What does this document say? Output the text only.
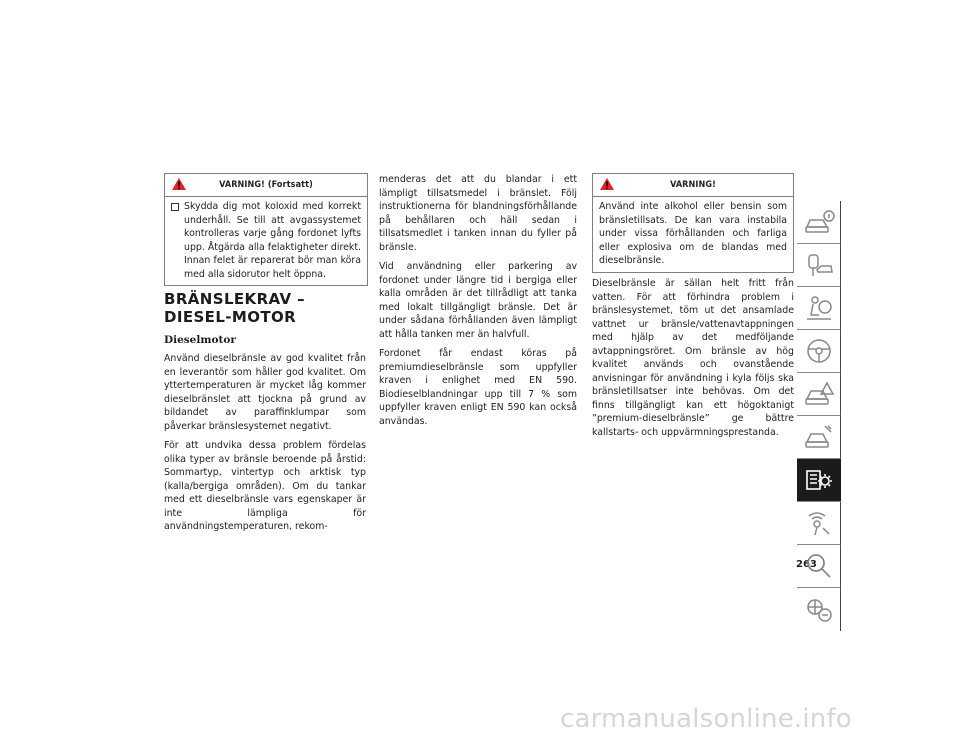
VARNING! (Fortsatt)

Skydda dig mot koloxid med korrekt underhåll. Se till att avgassystemet kontrolleras varje gång fordonet lyfts upp. Åtgärda alla felaktigheter direkt. Innan felet är reparerat bör man köra med alla sidorutor helt öppna.

BRÄNSLEKRAV – DIESEL-MOTOR
Dieselmotor

Använd dieselbränsle av god kvalitet från en leverantör som håller god kvalitet. Om yttertemperaturen är mycket låg kommer dieselbränslet att tjockna på grund av bildandet av paraffinklumpar som påverkar bränslesystemet negativt.

För att undvika dessa problem fördelas olika typer av bränsle beroende på årstid: Sommartyp, vintertyp och arktisk typ (kalla/bergiga områden). Om du tankar med ett dieselbränsle vars egenskaper är inte lämpliga för användningstemperaturen, rekom-

menderas det att du blandar i ett lämpligt tillsatsmedel i bränslet. Följ instruktionerna för blandningsförhållande på behållaren och häll sedan i tillsatsmedlet i tanken innan du fyller på bränsle.

Vid användning eller parkering av fordonet under längre tid i bergiga eller kalla områden är det tillrådligt att tanka med lokalt tillgängligt bränsle. Det är under sådana förhållanden även lämpligt att hålla tanken mer än halvfull.

Fordonet får endast köras på premiumdieselbränsle som uppfyller kraven i enlighet med EN 590. Biodieselblandningar upp till 7 % som uppfyller kraven enligt EN 590 kan också användas.

VARNING!

Använd inte alkohol eller bensin som bränsletillsats. De kan vara instabila under vissa förhållanden och farliga eller explosiva om de blandas med dieselbränsle.

Dieselbränsle är sällan helt fritt från vatten. För att förhindra problem i bränslesystemet, töm ut det ansamlade vattnet ur bränsle/vattenavtappningen med hjälp av det medföljande avtappningsröret. Om bränsle av hög kvalitet används och ovanstående anvisningar för användning i kyla följs ska bränsletillsatser inte behövas. Om det finns tillgängligt kan ett högoktanigt ”premium-dieselbränsle” ge bättre kallstarts- och uppvärmningsprestanda.

263
carmanualsonline.info
